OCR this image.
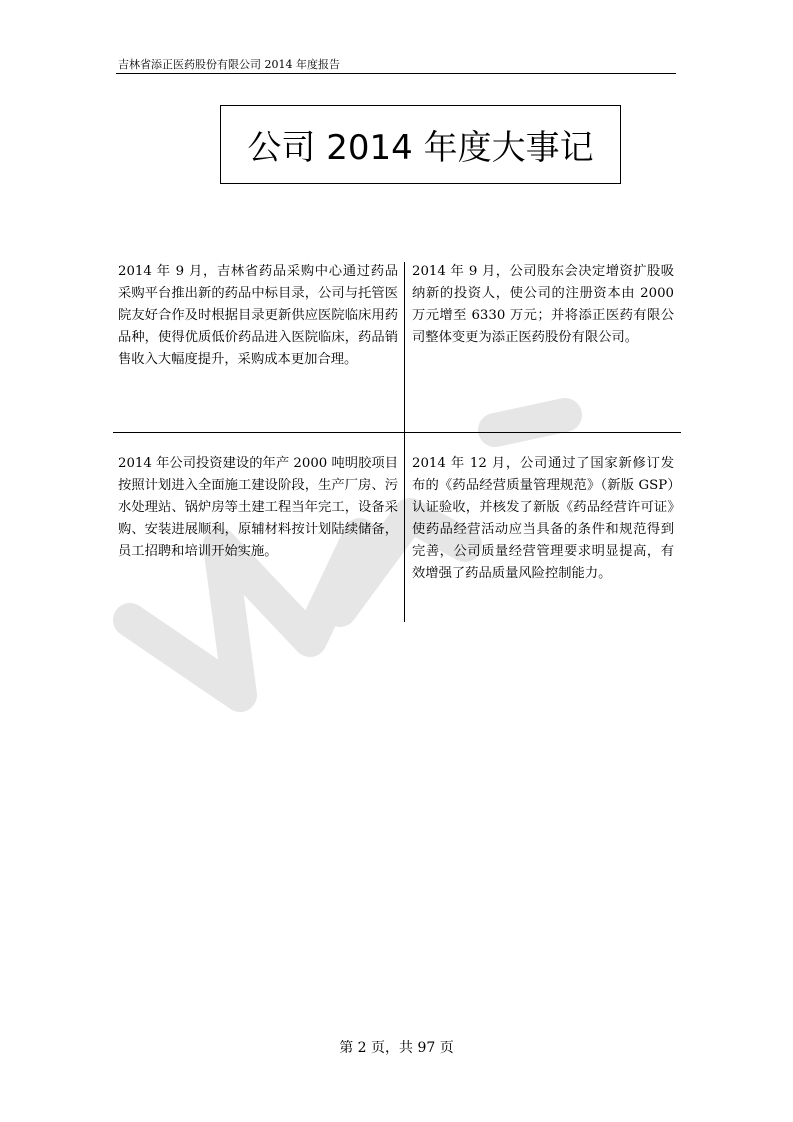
吉林省添正医药股份有限公司 2014 年度报告
公司 2014 年度大事记
2014 年 9 月，吉林省药品采购中心通过药品采购平台推出新的药品中标目录，公司与托管医院友好合作及时根据目录更新供应医院临床用药品种，使得优质低价药品进入医院临床，药品销售收入大幅度提升，采购成本更加合理。
2014 年 9 月，公司股东会决定增资扩股吸纳新的投资人，使公司的注册资本由 2000 万元增至 6330 万元；并将添正医药有限公司整体变更为添正医药股份有限公司。
2014 年公司投资建设的年产 2000 吨明胶项目按照计划进入全面施工建设阶段，生产厂房、污水处理站、锅炉房等土建工程当年完工，设备采购、安装进展顺利，原辅材料按计划陆续储备，员工招聘和培训开始实施。
2014 年 12 月，公司通过了国家新修订发布的《药品经营质量管理规范》（新版 GSP）认证验收，并核发了新版《药品经营许可证》使药品经营活动应当具备的条件和规范得到完善，公司质量经营管理要求明显提高，有效增强了药品质量风险控制能力。
第 2 页，共 97 页
